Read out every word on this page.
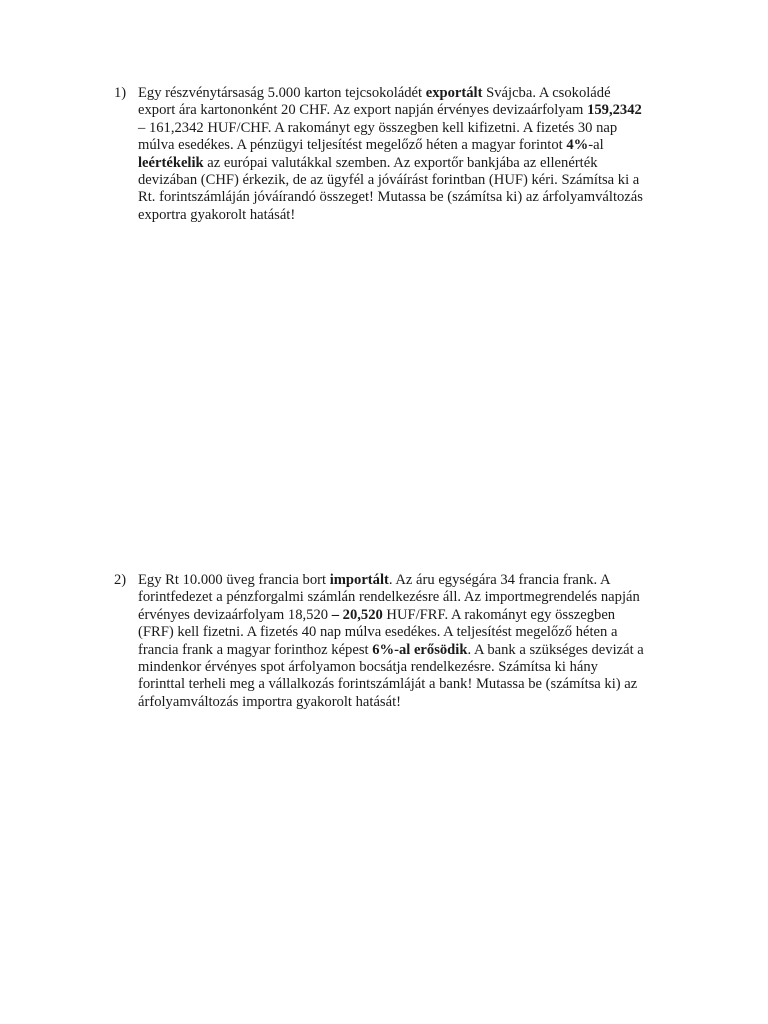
1) Egy részvénytársaság 5.000 karton tejcsokoládét exportált Svájcba. A csokoládé
export ára kartononként 20 CHF. Az export napján érvényes devizaárfolyam 159,2342
– 161,2342 HUF/CHF. A rakományt egy összegben kell kifizetni. A fizetés 30 nap
múlva esedékes. A pénzügyi teljesítést megelőző héten a magyar forintot 4%-al
leértékelik az európai valutákkal szemben. Az exportőr bankjába az ellenérték
devizában (CHF) érkezik, de az ügyfél a jóváírást forintban (HUF) kéri. Számítsa ki a
Rt. forintszámláján jóváírandó összeget! Mutassa be (számítsa ki) az árfolyamváltozás
exportra gyakorolt hatását!
2) Egy Rt 10.000 üveg francia bort importált. Az áru egységára 34 francia frank. A
forintfedezet a pénzforgalmi számlán rendelkezésre áll. Az importmegrendelés napján
érvényes devizaárfolyam 18,520 – 20,520 HUF/FRF. A rakományt egy összegben
(FRF) kell fizetni. A fizetés 40 nap múlva esedékes. A teljesítést megelőző héten a
francia frank a magyar forinthoz képest 6%-al erősödik. A bank a szükséges devizát a
mindenkor érvényes spot árfolyamon bocsátja rendelkezésre. Számítsa ki hány
forinttal terheli meg a vállalkozás forintszámláját a bank! Mutassa be (számítsa ki) az
árfolyamváltozás importra gyakorolt hatását!
